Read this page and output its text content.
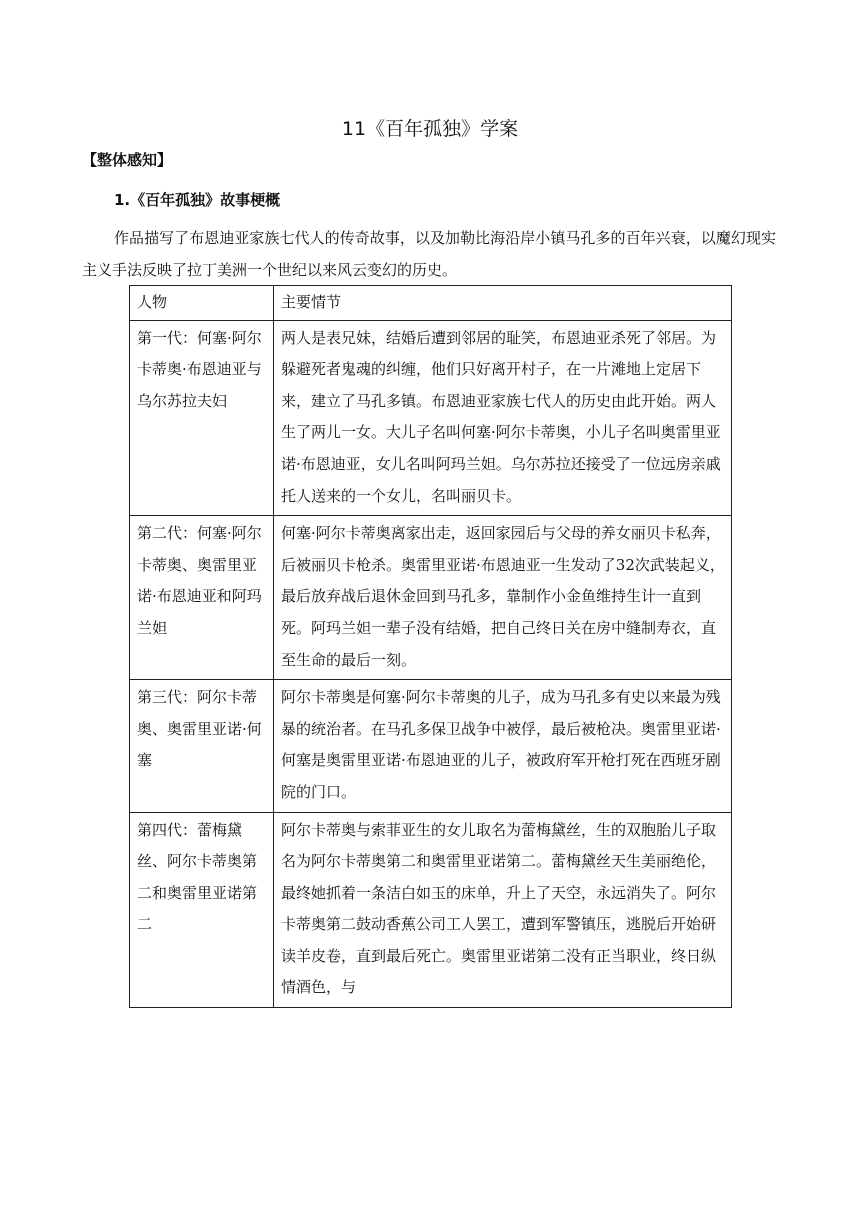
11《百年孤独》学案
【整体感知】
1.《百年孤独》故事梗概
作品描写了布恩迪亚家族七代人的传奇故事，以及加勒比海沿岸小镇马孔多的百年兴衰，以魔幻现实主义手法反映了拉丁美洲一个世纪以来风云变幻的历史。
人物	主要情节
第一代：何塞·阿尔卡蒂奥·布恩迪亚与乌尔苏拉夫妇	两人是表兄妹，结婚后遭到邻居的耻笑，布恩迪亚杀死了邻居。为躲避死者鬼魂的纠缠，他们只好离开村子，在一片滩地上定居下来，建立了马孔多镇。布恩迪亚家族七代人的历史由此开始。两人生了两儿一女。大儿子名叫何塞·阿尔卡蒂奥，小儿子名叫奥雷里亚诺·布恩迪亚，女儿名叫阿玛兰妲。乌尔苏拉还接受了一位远房亲戚托人送来的一个女儿，名叫丽贝卡。
第二代：何塞·阿尔卡蒂奥、奥雷里亚诺·布恩迪亚和阿玛兰妲	何塞·阿尔卡蒂奥离家出走，返回家园后与父母的养女丽贝卡私奔，后被丽贝卡枪杀。奥雷里亚诺·布恩迪亚一生发动了32次武装起义，最后放弃战后退休金回到马孔多，靠制作小金鱼维持生计一直到死。阿玛兰妲一辈子没有结婚，把自己终日关在房中缝制寿衣，直至生命的最后一刻。
第三代：阿尔卡蒂奥、奥雷里亚诺·何塞	阿尔卡蒂奥是何塞·阿尔卡蒂奥的儿子，成为马孔多有史以来最为残暴的统治者。在马孔多保卫战争中被俘，最后被枪决。奥雷里亚诺·何塞是奥雷里亚诺·布恩迪亚的儿子，被政府军开枪打死在西班牙剧院的门口。
第四代：蕾梅黛丝、阿尔卡蒂奥第二和奥雷里亚诺第二	阿尔卡蒂奥与索菲亚生的女儿取名为蕾梅黛丝，生的双胞胎儿子取名为阿尔卡蒂奥第二和奥雷里亚诺第二。蕾梅黛丝天生美丽绝伦，最终她抓着一条洁白如玉的床单，升上了天空，永远消失了。阿尔卡蒂奥第二鼓动香蕉公司工人罢工，遭到军警镇压，逃脱后开始研读羊皮卷，直到最后死亡。奥雷里亚诺第二没有正当职业，终日纵情酒色，与
